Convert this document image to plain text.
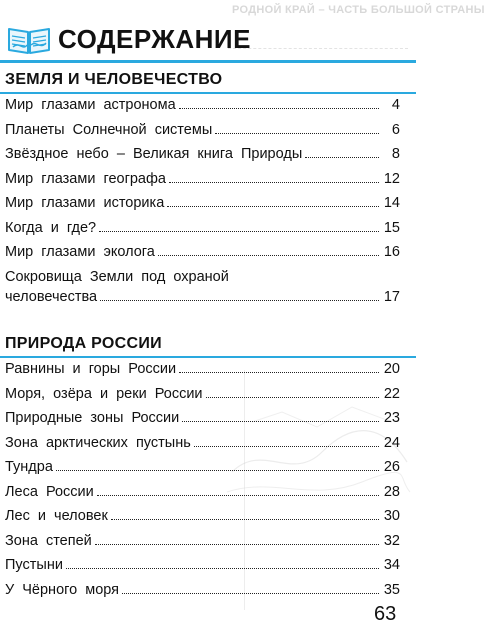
РОДНОЙ КРАЙ – ЧАСТЬ БОЛЬШОЙ СТРАНЫ
СОДЕРЖАНИЕ
ЗЕМЛЯ И ЧЕЛОВЕЧЕСТВО
Мир  глазами  астронома	4
Планеты  Солнечной  системы	6
Звёздное  небо  –  Великая  книга  Природы	8
Мир  глазами  географа	12
Мир  глазами  историка	14
Когда  и  где?	15
Мир  глазами  эколога	16
Сокровища  Земли  под  охраной
человечества	17
ПРИРОДА РОССИИ
Равнины  и  горы  России	20
Моря,  озёра  и  реки  России	22
Природные  зоны  России	23
Зона  арктических  пустынь	24
Тундра	26
Леса  России	28
Лес  и  человек	30
Зона  степей	32
Пустыни	34
У  Чёрного  моря	35
63
